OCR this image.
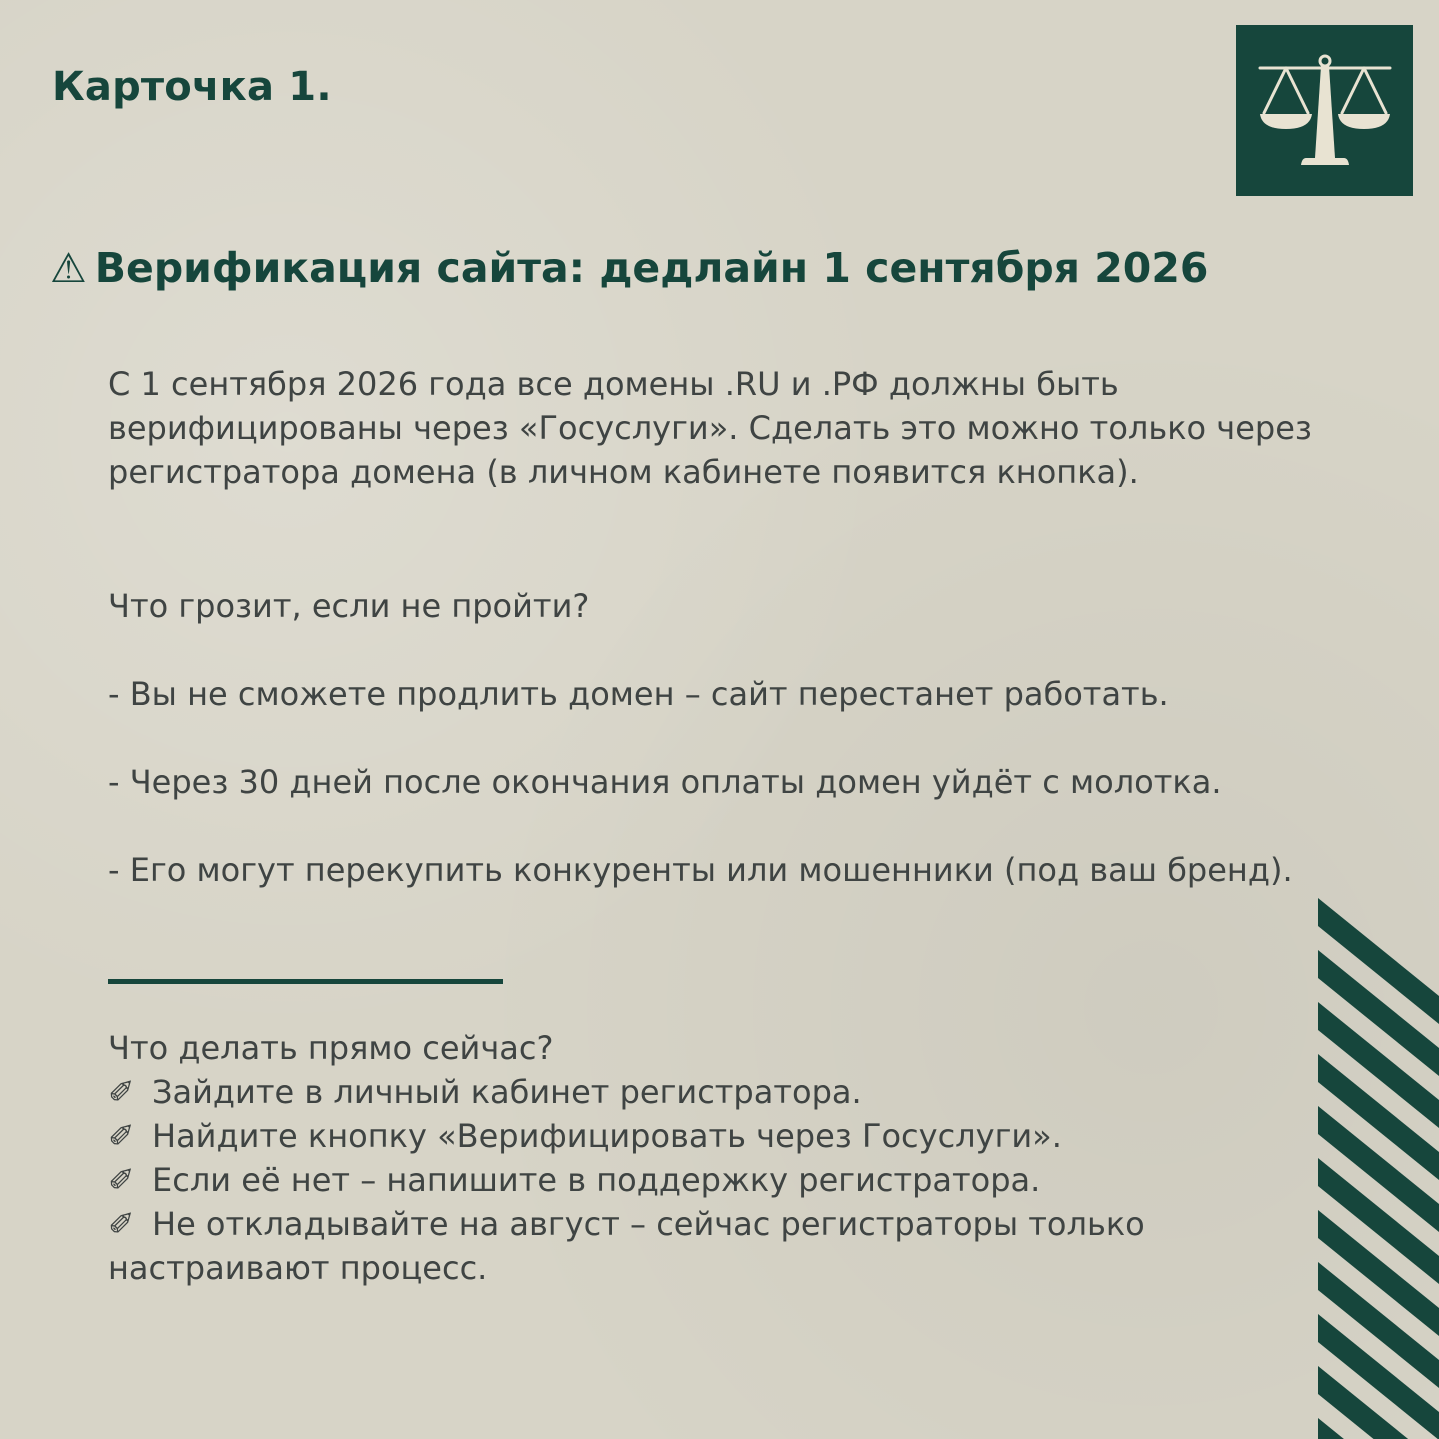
Карточка 1.
⚠ Верификация сайта: дедлайн 1 сентября 2026

С 1 сентября 2026 года все домены .RU и .РФ должны быть верифицированы через «Госуслуги». Сделать это можно только через регистратора домена (в личном кабинете появится кнопка).

Что грозит, если не пройти?

- Вы не сможете продлить домен – сайт перестанет работать.

- Через 30 дней после окончания оплаты домен уйдёт с молотка.

- Его могут перекупить конкуренты или мошенники (под ваш бренд).

Что делать прямо сейчас?

✐ Зайдите в личный кабинет регистратора.
✐ Найдите кнопку «Верифицировать через Госуслуги».
✐ Если её нет – напишите в поддержку регистратора.
✐ Не откладывайте на август – сейчас регистраторы только настраивают процесс.
